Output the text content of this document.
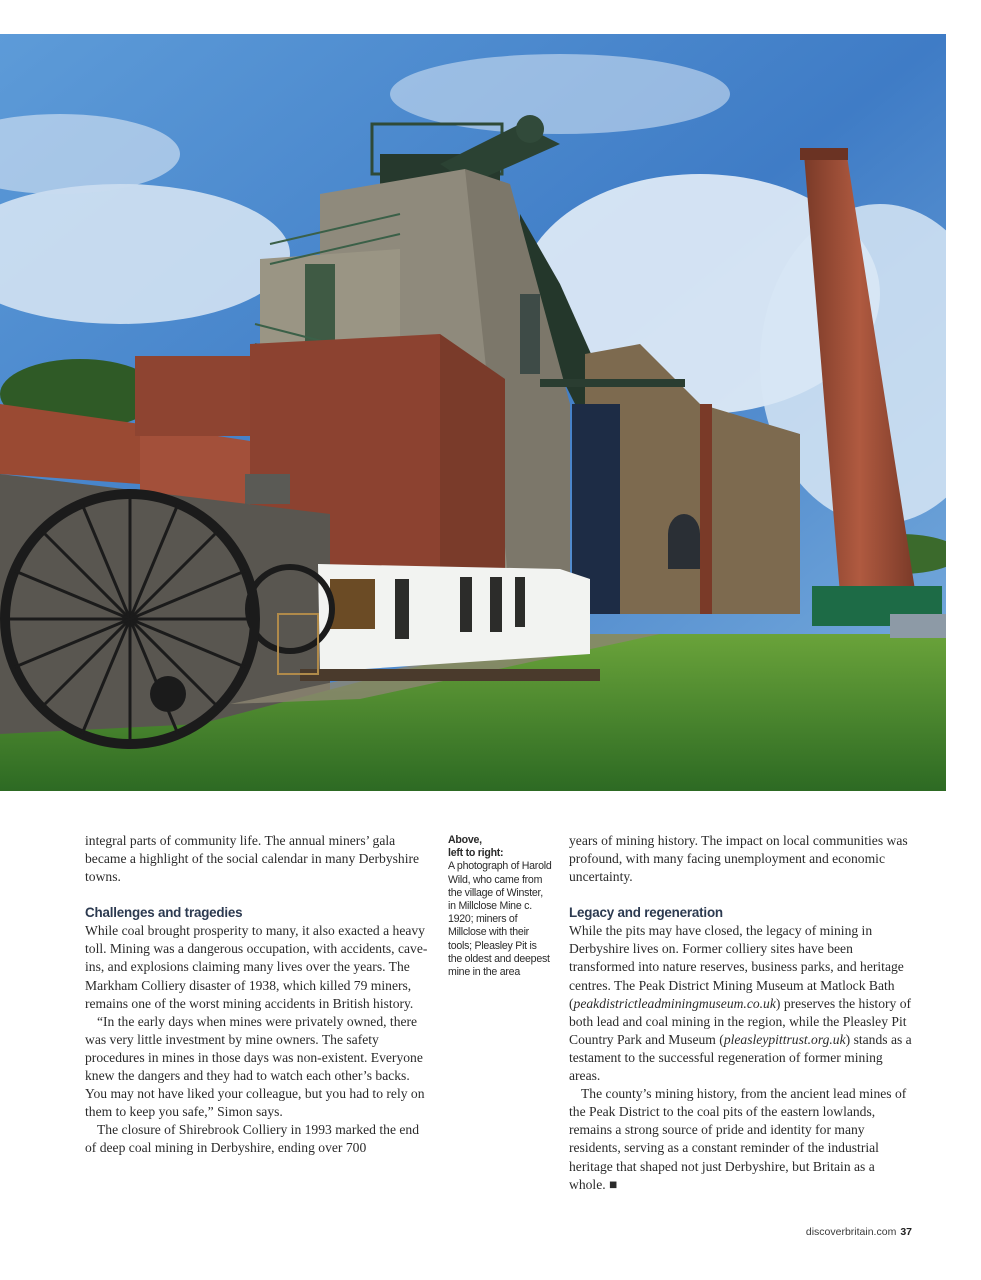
integral parts of community life. The annual miners’ gala became a highlight of the social calendar in many Derbyshire towns.

Challenges and tragedies

While coal brought prosperity to many, it also exacted a heavy toll. Mining was a dangerous occupation, with accidents, cave-ins, and explosions claiming many lives over the years. The Markham Colliery disaster of 1938, which killed 79 miners, remains one of the worst mining accidents in British history.

“In the early days when mines were privately owned, there was very little investment by mine owners. The safety procedures in mines in those days was non-existent. Everyone knew the dangers and they had to watch each other’s backs. You may not have liked your colleague, but you had to rely on them to keep you safe,” Simon says.

The closure of Shirebrook Colliery in 1993 marked the end of deep coal mining in Derbyshire, ending over 700

Above,
left to right:
A photograph of Harold Wild, who came from the village of Winster, in Millclose Mine c. 1920; miners of Millclose with their tools; Pleasley Pit is the oldest and deepest mine in the area

years of mining history. The impact on local communities was profound, with many facing unemployment and economic uncertainty.

Legacy and regeneration

While the pits may have closed, the legacy of mining in Derbyshire lives on. Former colliery sites have been transformed into nature reserves, business parks, and heritage centres. The Peak District Mining Museum at Matlock Bath (peakdistrictleadminingmuseum.co.uk) preserves the history of both lead and coal mining in the region, while the Pleasley Pit Country Park and Museum (pleasleypittrust.org.uk) stands as a testament to the successful regeneration of former mining areas.

The county’s mining history, from the ancient lead mines of the Peak District to the coal pits of the eastern lowlands, remains a strong source of pride and identity for many residents, serving as a constant reminder of the industrial heritage that shaped not just Derbyshire, but Britain as a whole. ■

discoverbritain.com 37
